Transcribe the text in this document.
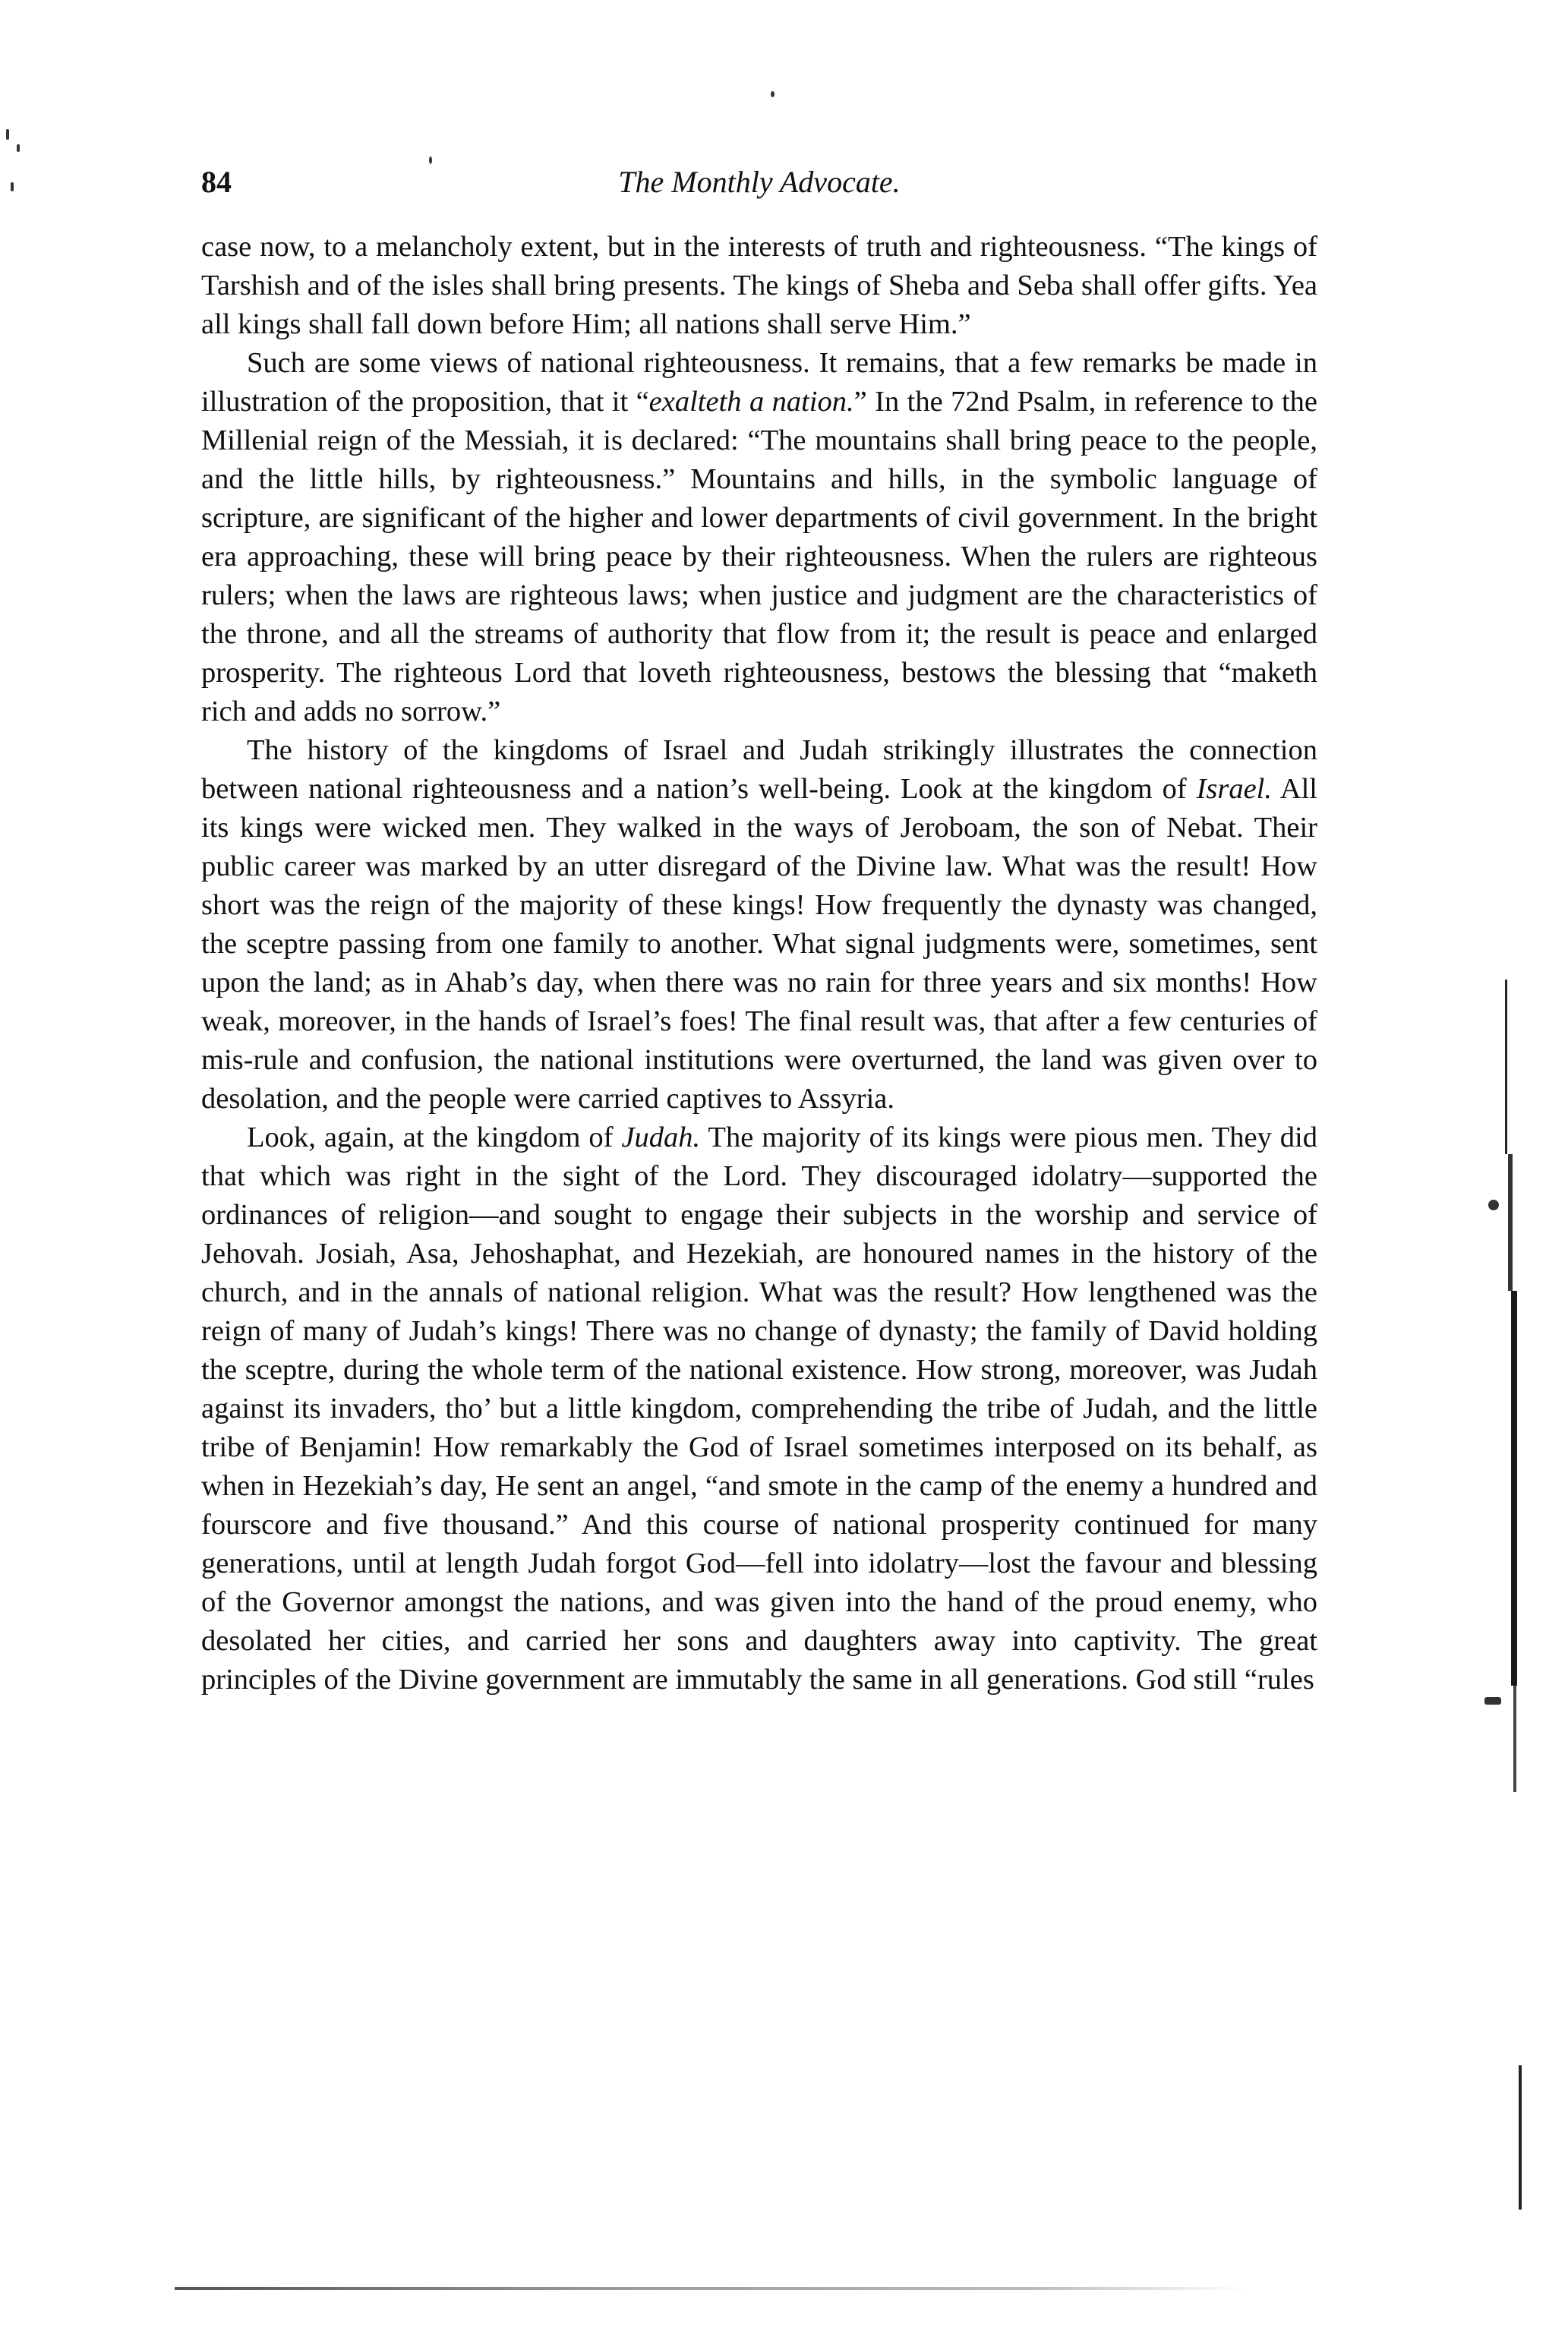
84	The Monthly Advocate.

case now, to a melancholy extent, but in the interests of truth and righteousness. “The kings of Tarshish and of the isles shall bring presents. The kings of Sheba and Seba shall offer gifts. Yea all kings shall fall down before Him; all nations shall serve Him.”

Such are some views of national righteousness. It remains, that a few remarks be made in illustration of the proposition, that it “exalteth a nation.” In the 72nd Psalm, in reference to the Millenial reign of the Messiah, it is declared: “The mountains shall bring peace to the people, and the little hills, by righteousness.” Mountains and hills, in the symbolic language of scripture, are significant of the higher and lower departments of civil government. In the bright era approaching, these will bring peace by their righteousness. When the rulers are righteous rulers; when the laws are righteous laws; when justice and judgment are the characteristics of the throne, and all the streams of authority that flow from it; the result is peace and enlarged prosperity. The righteous Lord that loveth righteousness, bestows the blessing that “maketh rich and adds no sorrow.”

The history of the kingdoms of Israel and Judah strikingly illustrates the connection between national righteousness and a nation’s well-being. Look at the kingdom of Israel. All its kings were wicked men. They walked in the ways of Jeroboam, the son of Nebat. Their public career was marked by an utter disregard of the Divine law. What was the result! How short was the reign of the majority of these kings! How frequently the dynasty was changed, the sceptre passing from one family to another. What signal judgments were, sometimes, sent upon the land; as in Ahab’s day, when there was no rain for three years and six months! How weak, moreover, in the hands of Israel’s foes! The final result was, that after a few centuries of mis-rule and confusion, the national institutions were overturned, the land was given over to desolation, and the people were carried captives to Assyria.

Look, again, at the kingdom of Judah. The majority of its kings were pious men. They did that which was right in the sight of the Lord. They discouraged idolatry—supported the ordinances of religion—and sought to engage their subjects in the worship and service of Jehovah. Josiah, Asa, Jehoshaphat, and Hezekiah, are honoured names in the history of the church, and in the annals of national religion. What was the result? How lengthened was the reign of many of Judah’s kings! There was no change of dynasty; the family of David holding the sceptre, during the whole term of the national existence. How strong, moreover, was Judah against its invaders, tho’ but a little kingdom, comprehending the tribe of Judah, and the little tribe of Benjamin! How remarkably the God of Israel sometimes interposed on its behalf, as when in Hezekiah’s day, He sent an angel, “and smote in the camp of the enemy a hundred and fourscore and five thousand.” And this course of national prosperity continued for many generations, until at length Judah forgot God—fell into idolatry—lost the favour and blessing of the Governor amongst the nations, and was given into the hand of the proud enemy, who desolated her cities, and carried her sons and daughters away into captivity. The great principles of the Divine government are immutably the same in all generations. God still “rules
